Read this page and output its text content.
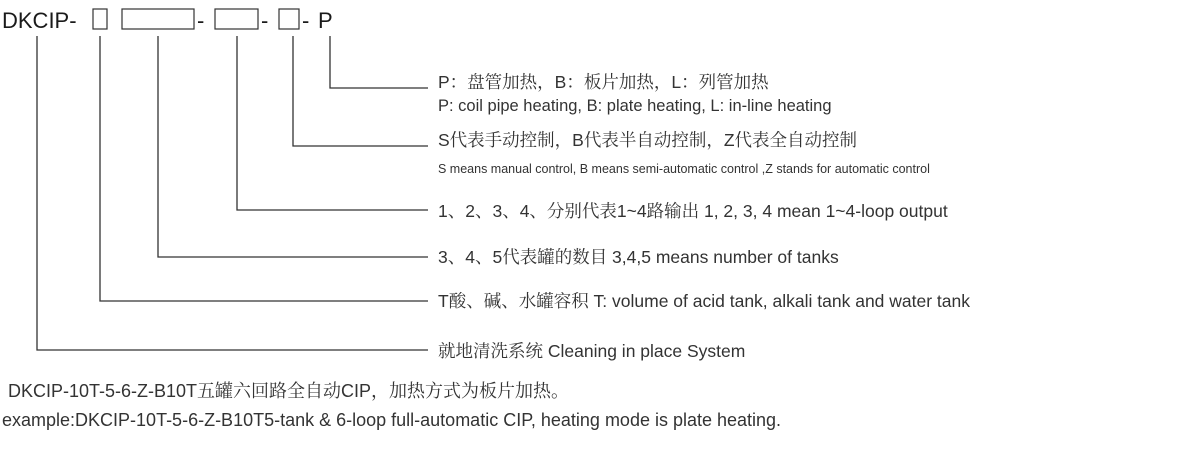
DKCIP-	-	- - P
P：盘管加热，B：板片加热，L：列管加热
P: coil pipe heating, B: plate heating, L: in-line heating
S代表手动控制，B代表半自动控制，Z代表全自动控制
S means manual control, B means semi-automatic control ,Z stands for automatic control
1、2、3、4、分别代表1~4路输出 1, 2, 3, 4 mean 1~4-loop output
3、4、5代表罐的数目 3,4,5 means number of tanks
T酸、碱、水罐容积 T: volume of acid tank, alkali tank and water tank
就地清洗系统 Cleaning in place System
DKCIP-10T-5-6-Z-B10T五罐六回路全自动CIP，加热方式为板片加热。
example:DKCIP-10T-5-6-Z-B10T5-tank & 6-loop full-automatic CIP, heating mode is plate heating.
